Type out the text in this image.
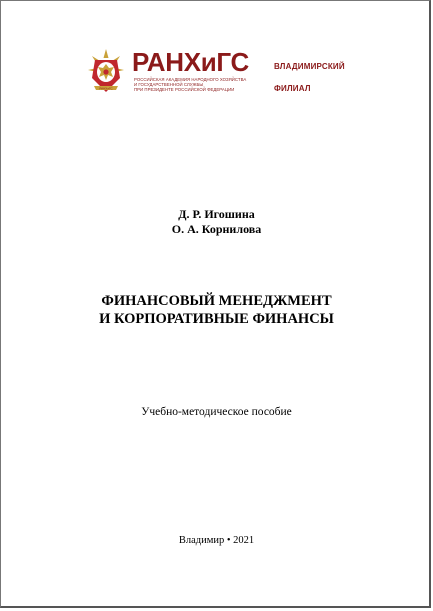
РАНХиГС
РАНХиГС
РОССИЙСКАЯ АКАДЕМИЯ НАРОДНОГО ХОЗЯЙСТВА
И ГОСУДАРСТВЕННОЙ СЛУЖБЫ
ПРИ ПРЕЗИДЕНТЕ РОССИЙСКОЙ ФЕДЕРАЦИИ
ВЛАДИМИРСКИЙ
ФИЛИАЛ
Д. Р. Игошина
О. А. Корнилова
ФИНАНСОВЫЙ МЕНЕДЖМЕНТ
И КОРПОРАТИВНЫЕ ФИНАНСЫ
Учебно-методическое пособие
Владимир • 2021
